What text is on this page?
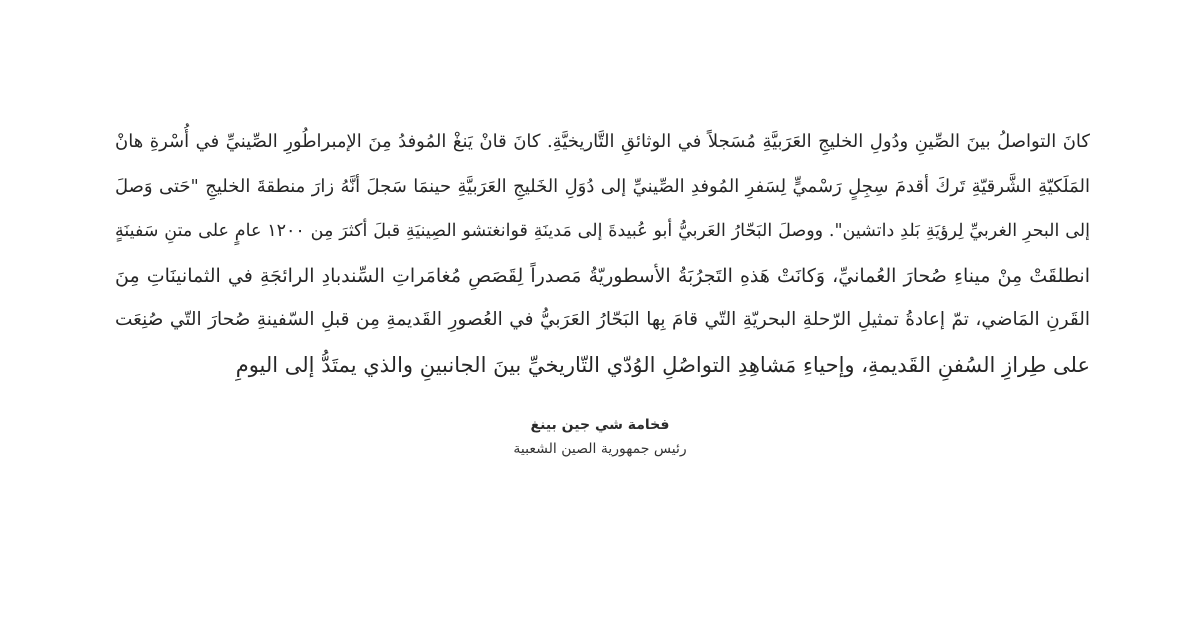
كانَ التواصلُ بينَ الصِّينِ ودُولِ الخليجِ العَرَبيَّةِ مُسَجلاً في الوثائقِ التَّاريخيَّةِ. كانَ قانْ يَنغْ المُوفدُ مِنَ الإمبراطُورِ الصِّينيِّ في أُسْرةِ هانْ
المَلَكيّةِ الشَّرقيّةِ تَركَ أقدمَ سِجِلٍ رَسْميٍّ لِسَفرِ المُوفدِ الصِّينيِّ إلى دُوَلِ الخَليجِ العَرَبيَّةِ حينمَا سَجلَ أنَّهُ زارَ منطقةَ الخليجِ "حَتى وَصلَ
إلى البحرِ الغربيِّ لِرؤيَةِ بَلدِ داتشين". ووصلَ البَحّارُ العَربيُّ أبو عُبيدةَ إلى مَدينَةِ قوانغتشو الصِينيَةِ قبلَ أكثرَ مِن ١٢٠٠ عامٍ على متنِ سَفينَةٍ
انطلقَتْ مِنْ ميناءِ صُحارَ العُمانيِّ، وَكانَتْ هَذهِ التَجرُبَةُ الأسطوريّةُ مَصدراً لِقَصَصِ مُغامَراتِ السِّندبادِ الرائجَةِ في الثمانينَاتِ مِنَ
القَرنِ المَاضي، تمّ إعادةُ تمثيلِ الرّحلةِ البحريّةِ التّي قامَ بِها البَحّارُ العَرَبيُّ في العُصورِ القَديمةِ مِن قبلِ السّفينةِ صُحارَ التّي صُنِعَت
على طِرازِ السُفنِ القَديمةِ، وإحياءِ مَشاهِدِ التواصُلِ الوُدّي التّاريخيِّ بينَ الجانبينِ والذي يمتَدُّ إلى اليومِ
فخامة شي جين بينغ
رئيس جمهورية الصين الشعبية
